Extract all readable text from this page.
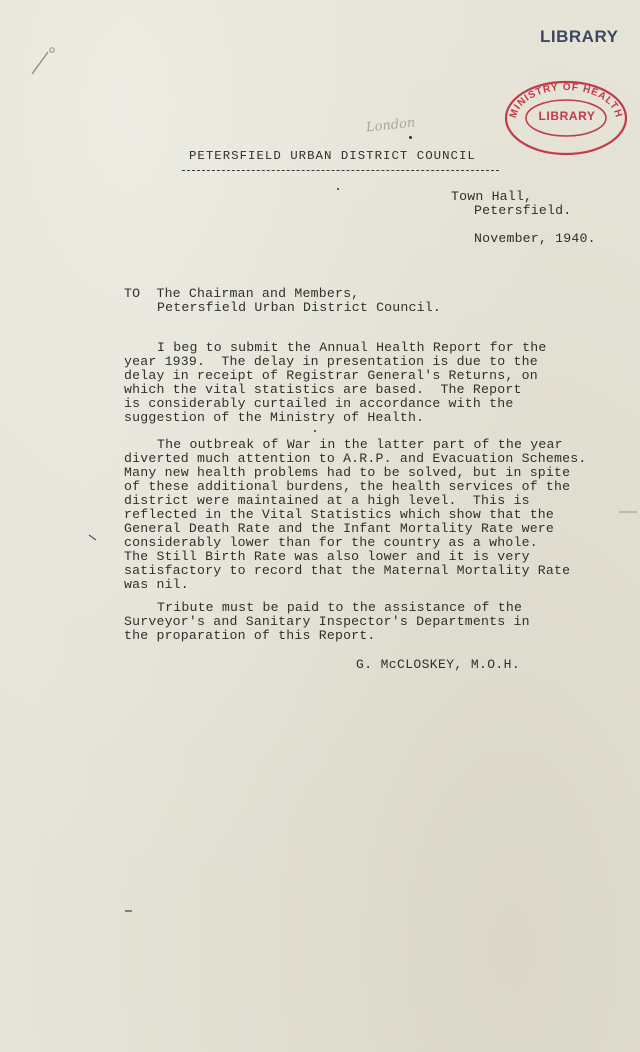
LIBRARY
MINISTRY OF HEALTH
LIBRARY
London
PETERSFIELD URBAN DISTRICT COUNCIL
Town Hall,
Petersfield.
November, 1940.
TO  The Chairman and Members,
Petersfield Urban District Council.
I beg to submit the Annual Health Report for the
year 1939.  The delay in presentation is due to the
delay in receipt of Registrar General's Returns, on
which the vital statistics are based.  The Report
is considerably curtailed in accordance with the
suggestion of the Ministry of Health.
The outbreak of War in the latter part of the year
diverted much attention to A.R.P. and Evacuation Schemes.
Many new health problems had to be solved, but in spite
of these additional burdens, the health services of the
district were maintained at a high level.  This is
reflected in the Vital Statistics which show that the
General Death Rate and the Infant Mortality Rate were
considerably lower than for the country as a whole.
The Still Birth Rate was also lower and it is very
satisfactory to record that the Maternal Mortality Rate
was nil.
Tribute must be paid to the assistance of the
Surveyor's and Sanitary Inspector's Departments in
the proparation of this Report.
G. McCLOSKEY, M.O.H.
